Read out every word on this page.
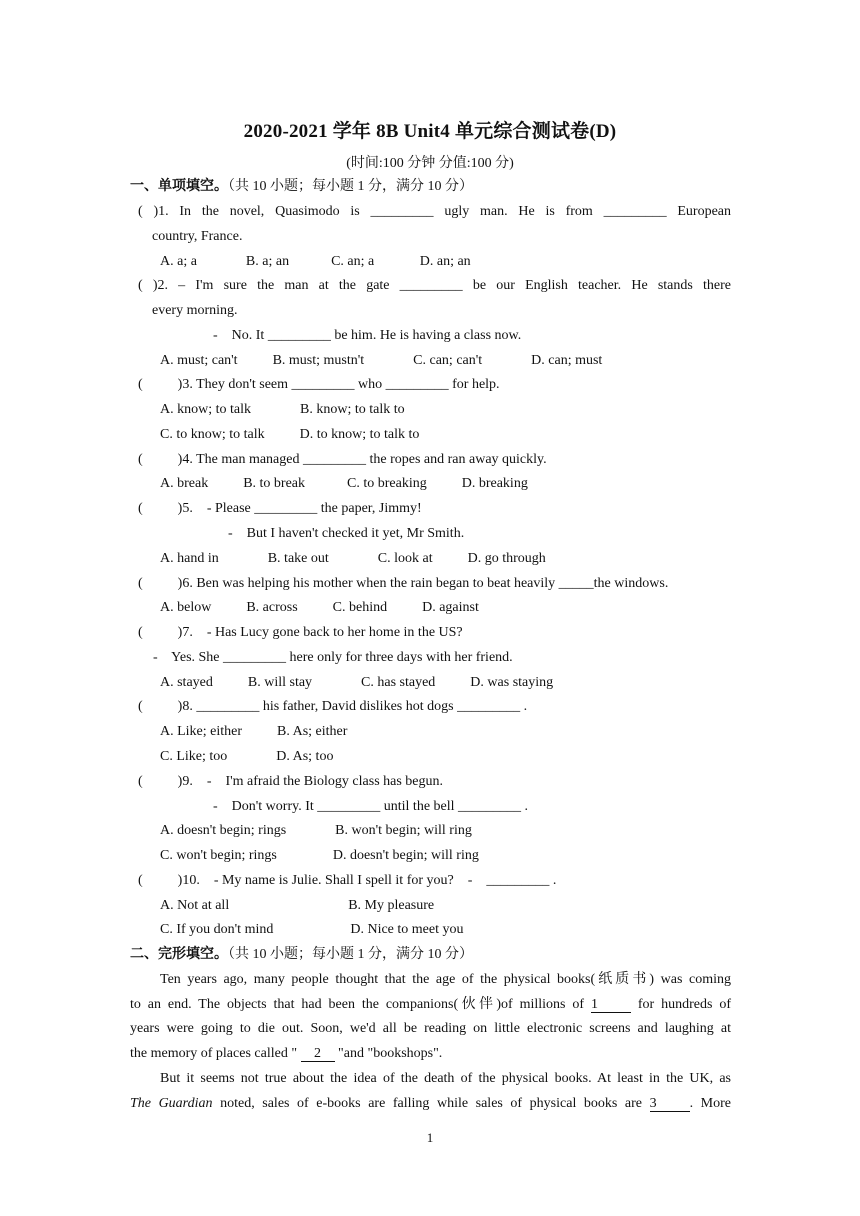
2020-2021 学年 8B Unit4 单元综合测试卷(D)
(时间:100 分钟 分值:100 分)
一、单项填空。（共 10 小题；每小题 1 分，满分 10 分）
( )1. In the novel, Quasimodo is _________ ugly man. He is from _________ European
country, France.
A. a; a              B. a; an            C. an; a             D. an; an
( )2. – I'm sure the man at the gate _________ be our English teacher. He stands there
every morning.
-    No. It _________ be him. He is having a class now.
A. must; can't          B. must; mustn't              C. can; can't              D. can; must
(          )3. They don't seem _________ who _________ for help.
A. know; to talk              B. know; to talk to
C. to know; to talk          D. to know; to talk to
(          )4. The man managed _________ the ropes and ran away quickly.
A. break          B. to break            C. to breaking          D. breaking
(          )5.    - Please _________ the paper, Jimmy!
-    But I haven't checked it yet, Mr Smith.
A. hand in              B. take out              C. look at          D. go through
(          )6. Ben was helping his mother when the rain began to beat heavily _____the windows.
A. below          B. across          C. behind          D. against
(          )7.    - Has Lucy gone back to her home in the US?
-    Yes. She _________ here only for three days with her friend.
A. stayed          B. will stay              C. has stayed          D. was staying
(          )8. _________ his father, David dislikes hot dogs _________ .
A. Like; either          B. As; either
C. Like; too              D. As; too
(          )9.    -    I'm afraid the Biology class has begun.
-    Don't worry. It _________ until the bell _________ .
A. doesn't begin; rings              B. won't begin; will ring
C. won't begin; rings                D. doesn't begin; will ring
(          )10.    - My name is Julie. Shall I spell it for you?    -    _________ .
A. Not at all                                  B. My pleasure
C. If you don't mind                      D. Nice to meet you
二、完形填空。（共 10 小题；每小题 1 分，满分 10 分）
Ten years ago, many people thought that the age of the physical books(纸质书) was coming
to an end. The objects that had been the companions(伙伴)of millions of 1 for hundreds of
years were going to die out. Soon, we'd all be reading on little electronic screens and laughing at
the memory of places called " 2 "and "bookshops".
But it seems not true about the idea of the death of the physical books. At least in the UK, as
The Guardian noted, sales of e-books are falling while sales of physical books are 3 . More
1
